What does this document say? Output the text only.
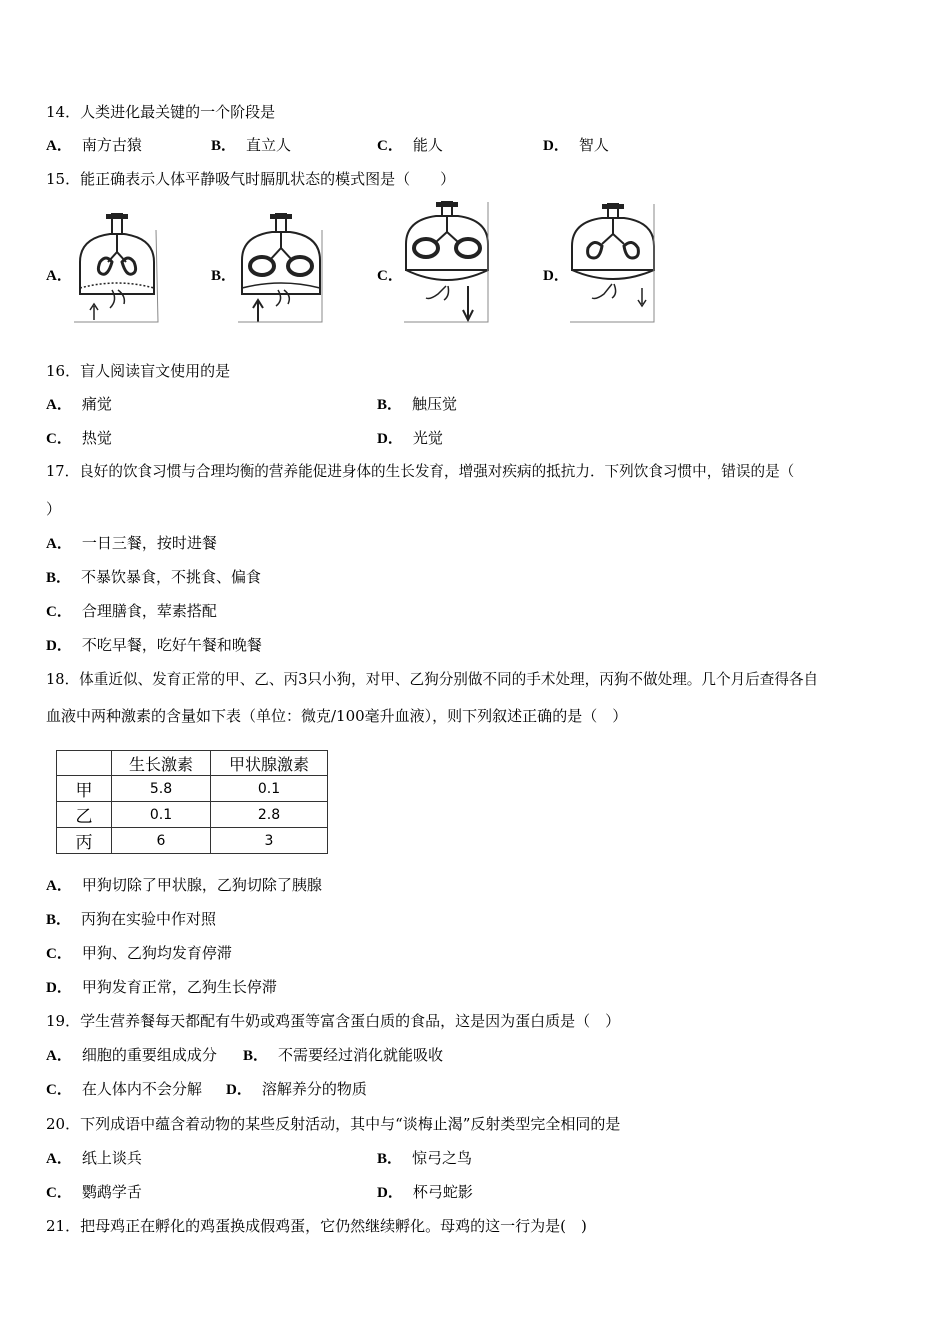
14．人类进化最关键的一个阶段是
A． 南方古猿	B． 直立人	C． 能人	D． 智人
15．能正确表示人体平静吸气时膈肌状态的模式图是（　　）
A．	B．	C．	D．
16．盲人阅读盲文使用的是
A． 痛觉	B． 触压觉
C． 热觉	D． 光觉
17．良好的饮食习惯与合理均衡的营养能促进身体的生长发育，增强对疾病的抵抗力．下列饮食习惯中，错误的是（
）
A． 一日三餐，按时进餐
B． 不暴饮暴食，不挑食、偏食
C． 合理膳食，荤素搭配
D． 不吃早餐，吃好午餐和晚餐
18．体重近似、发育正常的甲、乙、丙3只小狗，对甲、乙狗分别做不同的手术处理，丙狗不做处理。几个月后查得各自
血液中两种激素的含量如下表（单位：微克/100毫升血液），则下列叙述正确的是（　）
	生长激素	甲状腺激素
甲	5.8	0.1
乙	0.1	2.8
丙	6	3
A． 甲狗切除了甲状腺，乙狗切除了胰腺
B． 丙狗在实验中作对照
C． 甲狗、乙狗均发育停滞
D． 甲狗发育正常，乙狗生长停滞
19．学生营养餐每天都配有牛奶或鸡蛋等富含蛋白质的食品，这是因为蛋白质是（　）
A． 细胞的重要组成成分 B． 不需要经过消化就能吸收
C． 在人体内不会分解 D． 溶解养分的物质
20．下列成语中蕴含着动物的某些反射活动，其中与“谈梅止渴”反射类型完全相同的是
A． 纸上谈兵	B． 惊弓之鸟
C． 鹦鹉学舌	D． 杯弓蛇影
21．把母鸡正在孵化的鸡蛋换成假鸡蛋，它仍然继续孵化。母鸡的这一行为是(　)
